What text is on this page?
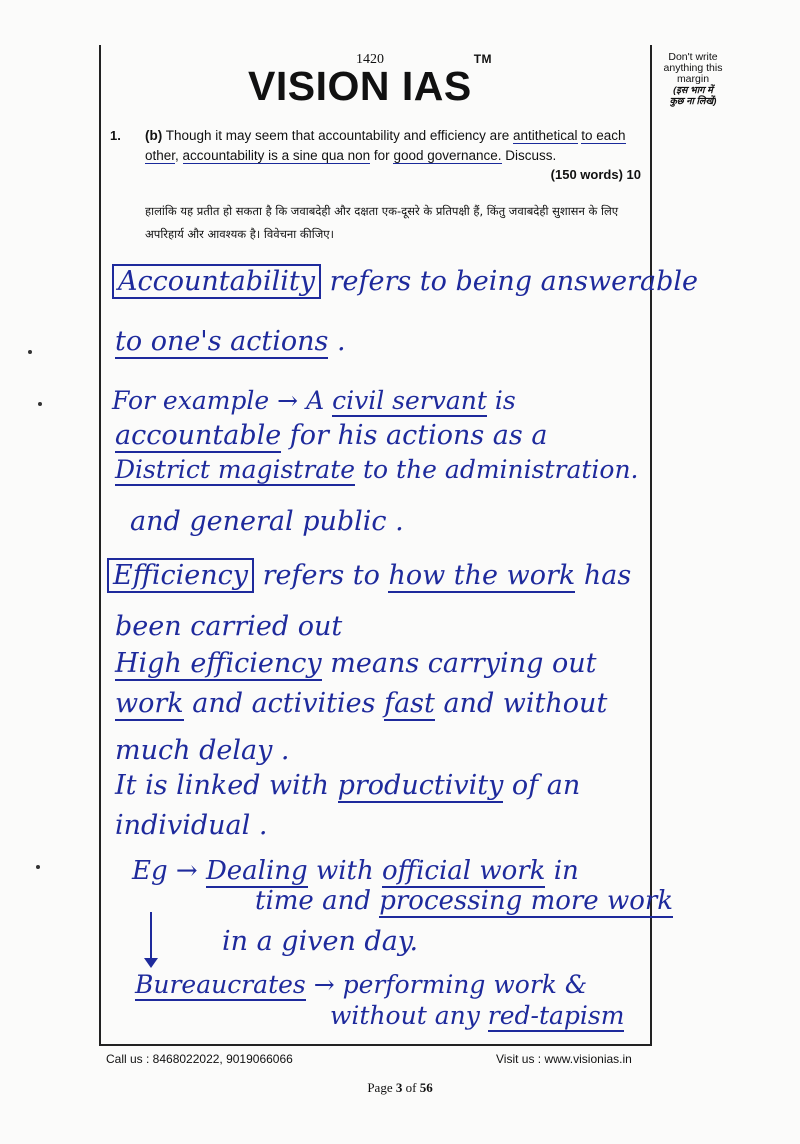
1420
VISION IAS™	Don't write
anything this
margin
(इस भाग में
कुछ ना लिखें)
1. (b) Though it may seem that accountability and efficiency are antithetical to each other, accountability is a sine qua non for good governance. Discuss.
(150 words) 10
हालांकि यह प्रतीत हो सकता है कि जवाबदेही और दक्षता एक-दूसरे के प्रतिपक्षी हैं, किंतु जवाबदेही सुशासन के लिए अपरिहार्य और आवश्यक है। विवेचना कीजिए।
Accountability refers to being answerable
to one's actions .
For example → A civil servant is
accountable for his actions as a
District magistrate to the administration.
and general public .
Efficiency refers to how the work has
been carried out
High efficiency means carrying out
work and activities fast and without
much delay .
It is linked with productivity of an
individual .
Eg → Dealing with official work in
time and processing more work
in a given day.
Bureaucrates → performing work &
without any red-tapism
Call us : 8468022022, 9019066066	Visit us : www.visionias.in
Page 3 of 56
